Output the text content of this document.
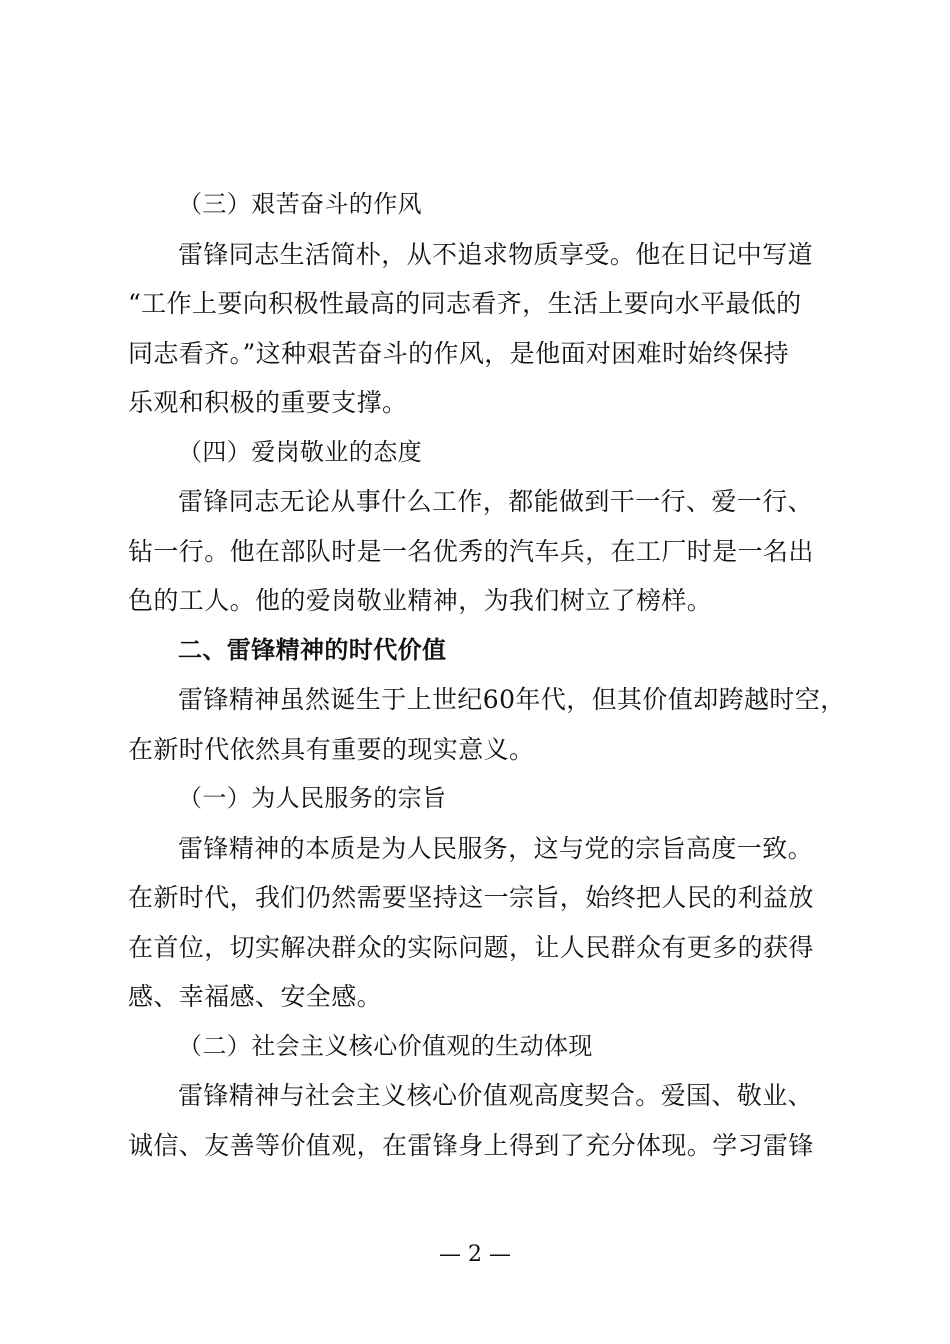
（三）艰苦奋斗的作风
雷锋同志生活简朴，从不追求物质享受。他在日记中写道
“工作上要向积极性最高的同志看齐，生活上要向水平最低的
同志看齐。”这种艰苦奋斗的作风，是他面对困难时始终保持
乐观和积极的重要支撑。
（四）爱岗敬业的态度
雷锋同志无论从事什么工作，都能做到干一行、爱一行、
钻一行。他在部队时是一名优秀的汽车兵，在工厂时是一名出
色的工人。他的爱岗敬业精神，为我们树立了榜样。
二、雷锋精神的时代价值
雷锋精神虽然诞生于上世纪60年代，但其价值却跨越时空，
在新时代依然具有重要的现实意义。
（一）为人民服务的宗旨
雷锋精神的本质是为人民服务，这与党的宗旨高度一致。
在新时代，我们仍然需要坚持这一宗旨，始终把人民的利益放
在首位，切实解决群众的实际问题，让人民群众有更多的获得
感、幸福感、安全感。
（二）社会主义核心价值观的生动体现
雷锋精神与社会主义核心价值观高度契合。爱国、敬业、
诚信、友善等价值观，在雷锋身上得到了充分体现。学习雷锋
— 2 —
